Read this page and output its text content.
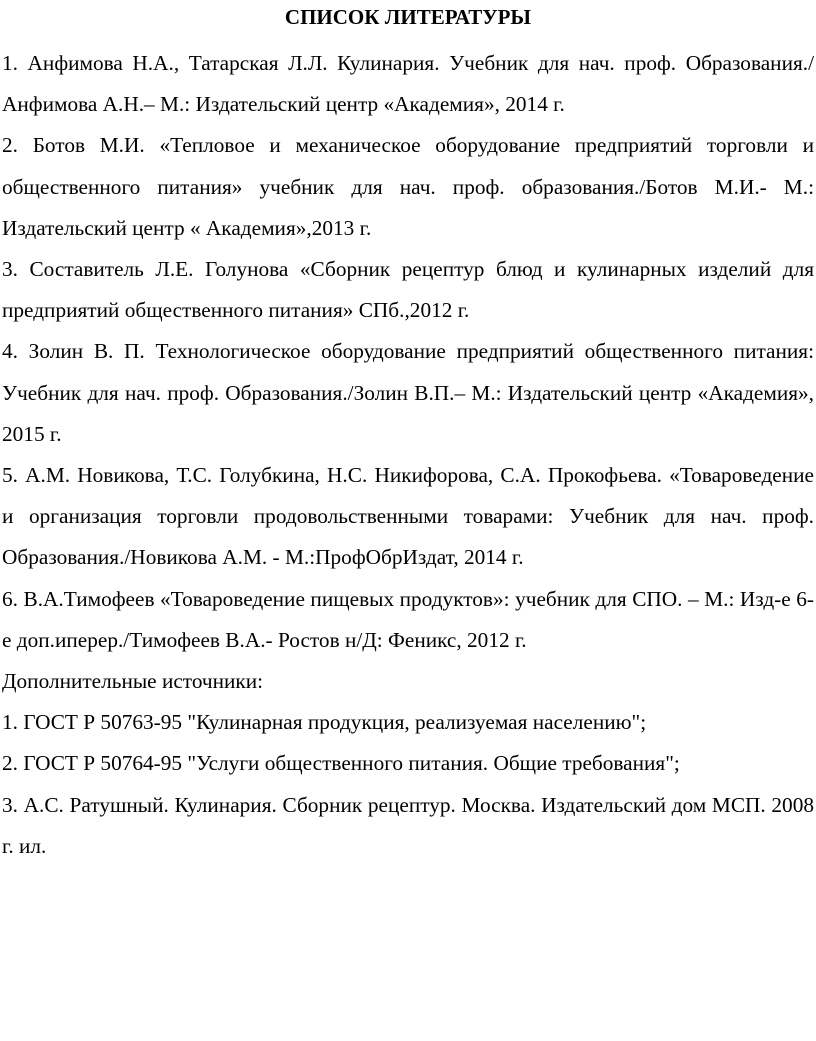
СПИСОК ЛИТЕРАТУРЫ

1. Анфимова Н.А., Татарская Л.Л. Кулинария. Учебник для нач. проф. Образования./Анфимова А.Н.– М.: Издательский центр «Академия», 2014 г.

2. Ботов М.И. «Тепловое и механическое оборудование предприятий торговли и общественного питания» учебник для нач. проф. образования./Ботов М.И.- М.: Издательский центр « Академия»,2013 г.

3. Составитель Л.Е. Голунова «Сборник рецептур блюд и кулинарных изделий для предприятий общественного питания» СПб.,2012 г.

4. Золин В. П. Технологическое оборудование предприятий общественного питания: Учебник для нач. проф. Образования./Золин В.П.– М.: Издательский центр «Академия», 2015 г.

5. А.М. Новикова, Т.С. Голубкина, Н.С. Никифорова, С.А. Прокофьева. «Товароведение и организация торговли продовольственными товарами: Учебник для нач. проф. Образования./Новикова А.М. - М.:ПрофОбрИздат, 2014 г.

6. В.А.Тимофеев «Товароведение пищевых продуктов»: учебник для СПО. – М.: Изд-е 6-е доп.иперер./Тимофеев В.А.- Ростов н/Д: Феникс, 2012 г.

Дополнительные источники:

1. ГОСТ Р 50763-95 "Кулинарная продукция, реализуемая населению";

2. ГОСТ Р 50764-95 "Услуги общественного питания. Общие требования";

3. А.С. Ратушный. Кулинария. Сборник рецептур. Москва. Издательский дом МСП. 2008 г. ил.
